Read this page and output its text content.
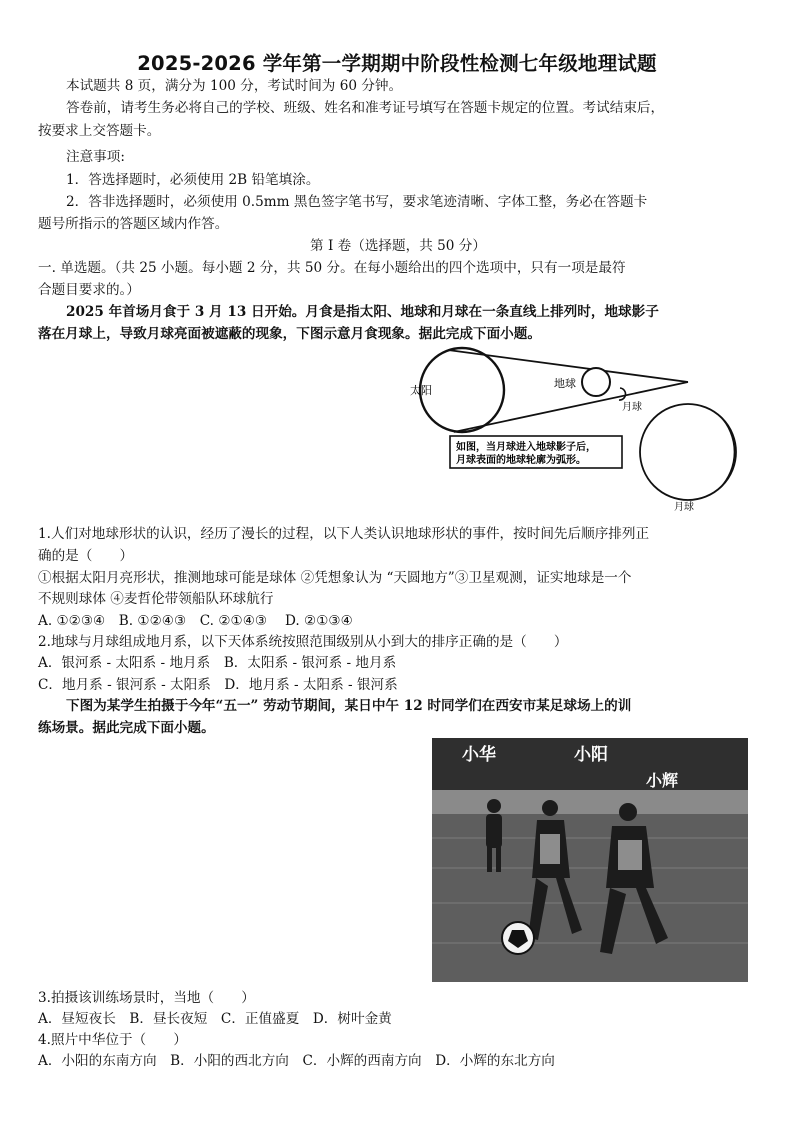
2025-2026 学年第一学期期中阶段性检测七年级地理试题
本试题共 8 页，满分为 100 分，考试时间为 60 分钟。
答卷前，请考生务必将自己的学校、班级、姓名和准考证号填写在答题卡规定的位置。考试结束后，
按要求上交答题卡。
注意事项:
1．答选择题时，必须使用 2B 铅笔填涂。
2．答非选择题时，必须使用 0.5mm 黑色签字笔书写，要求笔迹清晰、字体工整，务必在答题卡
题号所指示的答题区域内作答。
第 Ⅰ 卷（选择题，共 50 分）
一. 单选题。（共 25 小题。每小题 2 分，共 50 分。在每小题给出的四个选项中，只有一项是最符
合题目要求的。）
2025 年首场月食于 3 月 13 日开始。月食是指太阳、地球和月球在一条直线上排列时，地球影子
落在月球上，导致月球亮面被遮蔽的现象，下图示意月食现象。据此完成下面小题。
太阳
地球
月球
如图，当月球进入地球影子后，
月球表面的地球轮廓为弧形。
月球
1.人们对地球形状的认识，经历了漫长的过程，以下人类认识地球形状的事件，按时间先后顺序排列正
确的是（　　）
①根据太阳月亮形状，推测地球可能是球体 ②凭想象认为 “天圆地方”③卫星观测，证实地球是一个
不规则球体 ④麦哲伦带领船队环球航行
A. ①②③④　B. ①②④③　C. ②①④③　 D. ②①③④
2.地球与月球组成地月系，以下天体系统按照范围级别从小到大的排序正确的是（　　）
A．银河系 - 太阳系 - 地月系　B．太阳系 - 银河系 - 地月系
C．地月系 - 银河系 - 太阳系　D．地月系 - 太阳系 - 银河系
下图为某学生拍摄于今年“五一” 劳动节期间，某日中午 12 时同学们在西安市某足球场上的训
练场景。据此完成下面小题。
小华	小阳
小辉
3.拍摄该训练场景时，当地（　　）
A．昼短夜长　B．昼长夜短　C．正值盛夏　D．树叶金黄
4.照片中华位于（　　）
A．小阳的东南方向　B．小阳的西北方向　C．小辉的西南方向　D．小辉的东北方向
